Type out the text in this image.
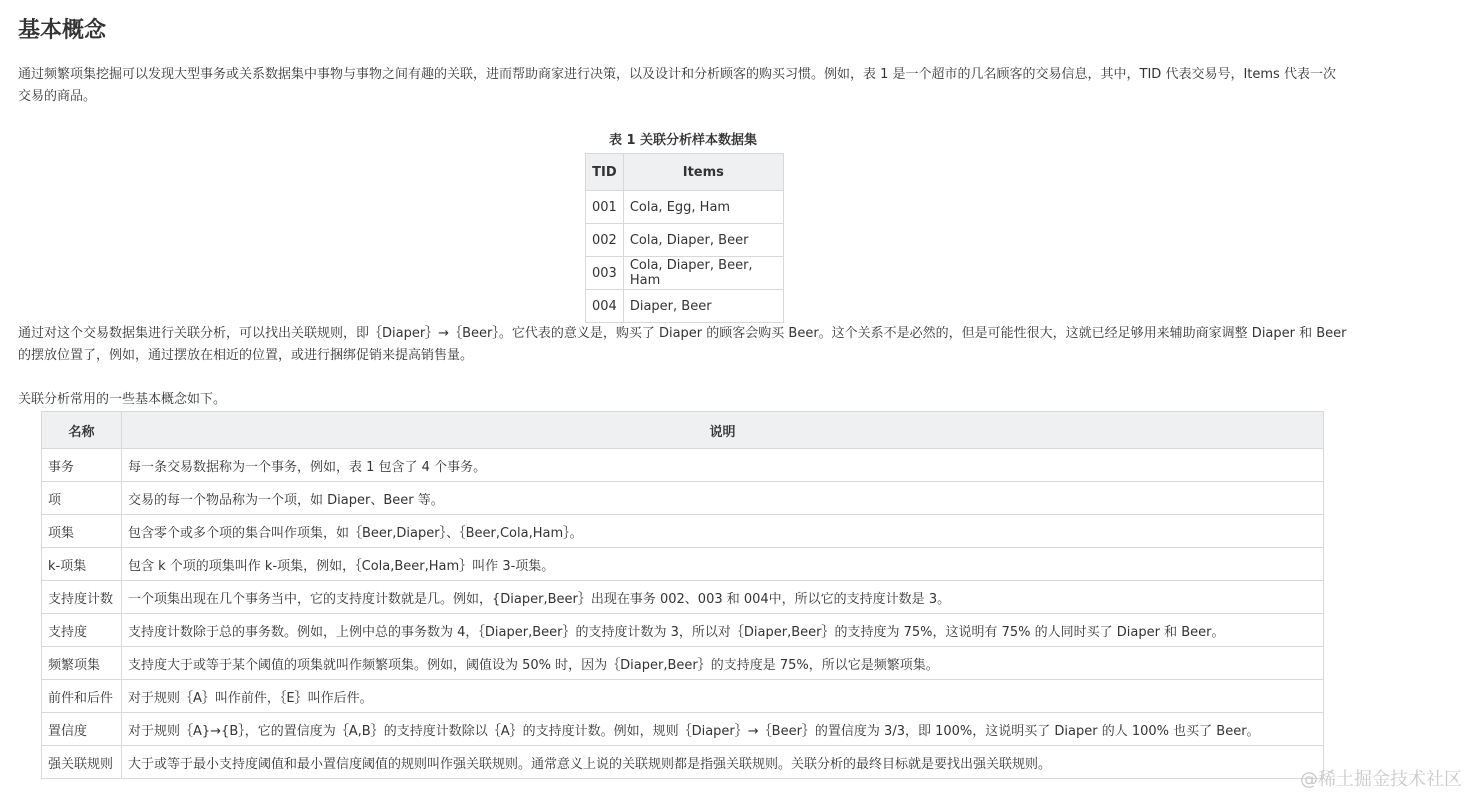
基本概念

通过频繁项集挖掘可以发现大型事务或关系数据集中事物与事物之间有趣的关联，进而帮助商家进行决策，以及设计和分析顾客的购买习惯。例如，表 1 是一个超市的几名顾客的交易信息，其中，TID 代表交易号，Items 代表一次交易的商品。

表 1 关联分析样本数据集
TID	Items
001	Cola, Egg, Ham
002	Cola, Diaper, Beer
003	Cola, Diaper, Beer, Ham
004	Diaper, Beer

通过对这个交易数据集进行关联分析，可以找出关联规则，即｛Diaper｝→｛Beer｝。它代表的意义是，购买了 Diaper 的顾客会购买 Beer。这个关系不是必然的，但是可能性很大，这就已经足够用来辅助商家调整 Diaper 和 Beer 的摆放位置了，例如，通过摆放在相近的位置，或进行捆绑促销来提高销售量。

关联分析常用的一些基本概念如下。

名称	说明
事务	每一条交易数据称为一个事务，例如，表 1 包含了 4 个事务。
项	交易的每一个物品称为一个项，如 Diaper、Beer 等。
项集	包含零个或多个项的集合叫作项集，如｛Beer,Diaper｝、｛Beer,Cola,Ham｝。
k-项集	包含 k 个项的项集叫作 k-项集，例如，｛Cola,Beer,Ham｝叫作 3-项集。
支持度计数	一个项集出现在几个事务当中，它的支持度计数就是几。例如，{Diaper,Beer｝出现在事务 002、003 和 004中，所以它的支持度计数是 3。
支持度	支持度计数除于总的事务数。例如，上例中总的事务数为 4，｛Diaper,Beer｝的支持度计数为 3，所以对｛Diaper,Beer｝的支持度为 75%，这说明有 75% 的人同时买了 Diaper 和 Beer。
频繁项集	支持度大于或等于某个阈值的项集就叫作频繁项集。例如，阈值设为 50% 时，因为｛Diaper,Beer｝的支持度是 75%，所以它是频繁项集。
前件和后件	对于规则｛A｝叫作前件，｛E｝叫作后件。
置信度	对于规则｛A}→{B｝，它的置信度为｛A,B｝的支持度计数除以｛A｝的支持度计数。例如，规则｛Diaper｝→｛Beer｝的置信度为 3/3，即 100%，这说明买了 Diaper 的人 100% 也买了 Beer。
强关联规则	大于或等于最小支持度阈值和最小置信度阈值的规则叫作强关联规则。通常意义上说的关联规则都是指强关联规则。关联分析的最终目标就是要找出强关联规则。
@稀土掘金技术社区
